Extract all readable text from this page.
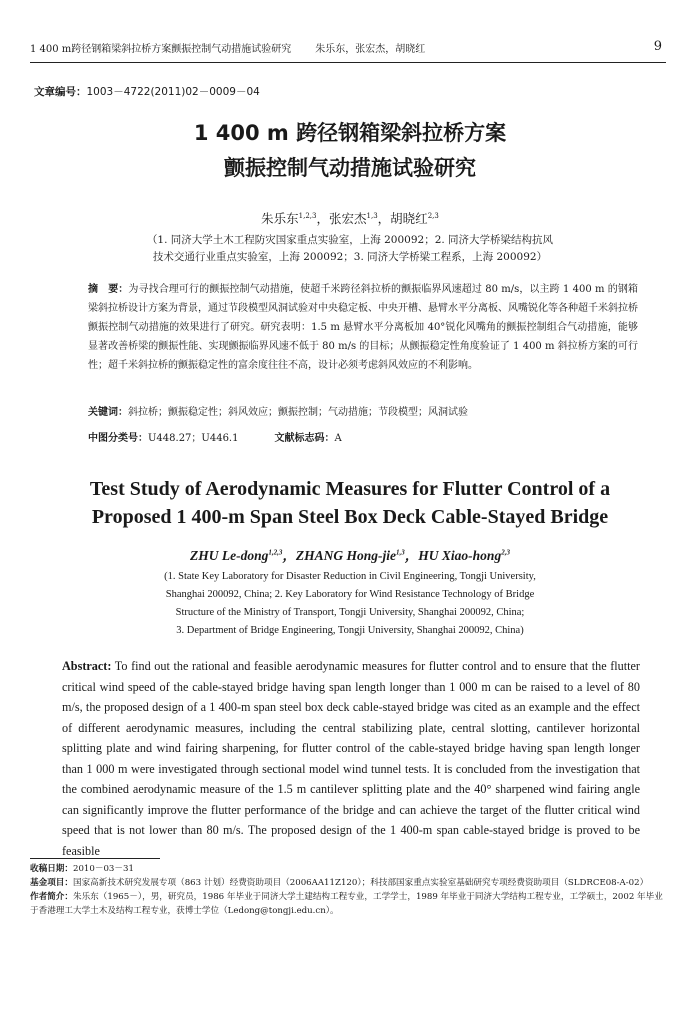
1 400 m跨径钢箱梁斜拉桥方案颤振控制气动措施试验研究 朱乐东，张宏杰，胡晓红	9
文章编号：1003－4722(2011)02－0009－04
1 400 m 跨径钢箱梁斜拉桥方案
颤振控制气动措施试验研究
朱乐东$^{1,2,3}$，张宏杰$^{1,3}$，胡晓红$^{2,3}$
（1. 同济大学土木工程防灾国家重点实验室，上海 200092；2. 同济大学桥梁结构抗风
技术交通行业重点实验室，上海 200092；3. 同济大学桥梁工程系，上海 200092）
摘　要：为寻找合理可行的颤振控制气动措施，使超千米跨径斜拉桥的颤振临界风速超过 80 m/s，以主跨 1 400 m 的钢箱梁斜拉桥设计方案为背景，通过节段模型风洞试验对中央稳定板、中央开槽、悬臂水平分离板、风嘴锐化等各种超千米斜拉桥颤振控制气动措施的效果进行了研究。研究表明：1.5 m 悬臂水平分离板加 40°锐化风嘴角的颤振控制组合气动措施，能够显著改善桥梁的颤振性能、实现颤振临界风速不低于 80 m/s 的目标；从颤振稳定性角度验证了 1 400 m 斜拉桥方案的可行性；超千米斜拉桥的颤振稳定性的富余度往往不高，设计必须考虑斜风效应的不利影响。
关键词：斜拉桥；颤振稳定性；斜风效应；颤振控制；气动措施；节段模型；风洞试验
中图分类号：U448.27；U446.1	文献标志码：A
Test Study of Aerodynamic Measures for Flutter Control of a
Proposed 1 400-m Span Steel Box Deck Cable-Stayed Bridge
ZHU Le-dong$^{1,2,3}$，ZHANG Hong-jie$^{1,3}$，HU Xiao-hong$^{2,3}$
(1. State Key Laboratory for Disaster Reduction in Civil Engineering, Tongji University,
Shanghai 200092, China; 2. Key Laboratory for Wind Resistance Technology of Bridge
Structure of the Ministry of Transport, Tongji University, Shanghai 200092, China;
3. Department of Bridge Engineering, Tongji University, Shanghai 200092, China)
Abstract: To find out the rational and feasible aerodynamic measures for flutter control and to ensure that the flutter critical wind speed of the cable-stayed bridge having span length longer than 1 000 m can be raised to a level of 80 m/s, the proposed design of a 1 400-m span steel box deck cable-stayed bridge was cited as an example and the effect of different aerodynamic measures, including the central stabilizing plate, central slotting, cantilever horizontal splitting plate and wind fairing sharpening, for flutter control of the cable-stayed bridge having span length longer than 1 000 m were investigated through sectional model wind tunnel tests. It is concluded from the investigation that the combined aerodynamic measure of the 1.5 m cantilever splitting plate and the 40° sharpened wind fairing angle can significantly improve the flutter performance of the bridge and can achieve the target of the flutter critical wind speed that is not lower than 80 m/s. The proposed design of the 1 400-m span cable-stayed bridge is proved to be feasible
收稿日期：2010－03－31
基金项目：国家高新技术研究发展专项（863 计划）经费资助项目（2006AA11Z120）；科技部国家重点实验室基础研究专项经费资助项目（SLDRCE08-A-02）
作者简介：朱乐东（1965－），男，研究员，1986 年毕业于同济大学土建结构工程专业，工学学士，1989 年毕业于同济大学结构工程专业，工学硕士，2002 年毕业于香港理工大学土木及结构工程专业，获博士学位（Ledong@tongji.edu.cn）。
